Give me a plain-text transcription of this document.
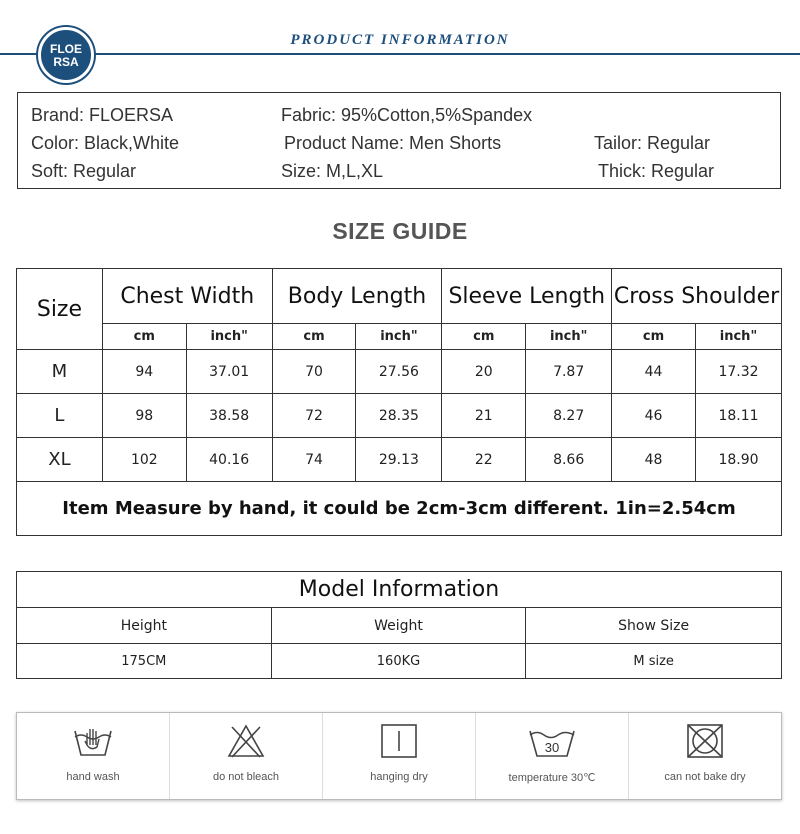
PRODUCT INFORMATION
FLOE
RSA
Brand: FLOERSA	Fabric: 95%Cotton,5%Spandex
Color: Black,White	Product Name: Men Shorts	Tailor: Regular
Soft: Regular	Size: M,L,XL	Thick: Regular
SIZE GUIDE
Size	Chest Width		Body Length		Sleeve Length		Cross Shoulder	
	cm	inch"	cm	inch"	cm	inch"	cm	inch"
M	94	37.01	70	27.56	20	7.87	44	17.32
L	98	38.58	72	28.35	21	8.27	46	18.11
XL	102	40.16	74	29.13	22	8.66	48	18.90
Item Measure by hand, it could be 2cm-3cm different. 1in=2.54cm								
Model Information		
Height	Weight	Show Size
175CM	160KG	M size
hand wash	do not bleach	hanging dry
30
temperature 30℃	can not bake dry
